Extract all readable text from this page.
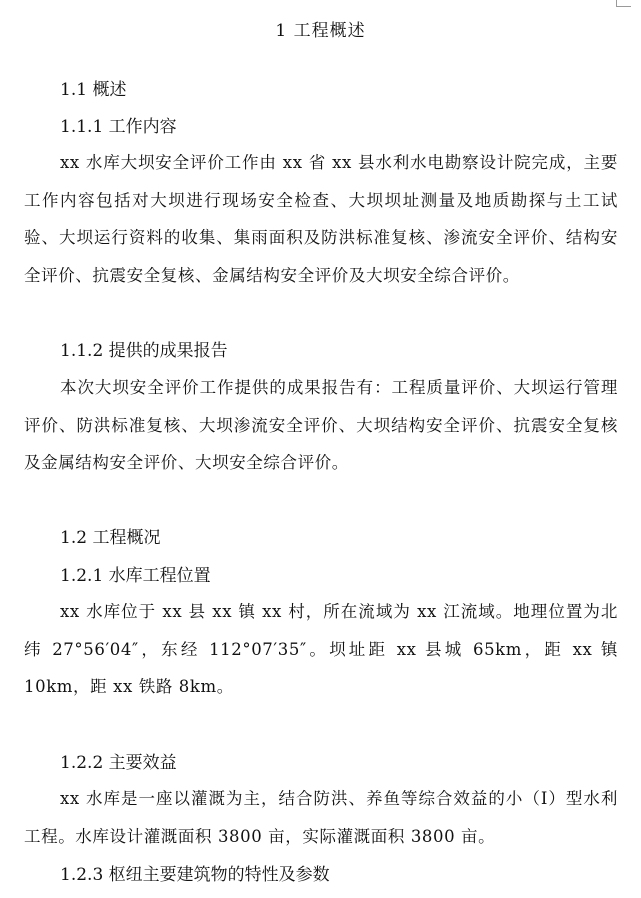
1 工程概述
1.1 概述
1.1.1 工作内容
xx 水库大坝安全评价工作由 xx 省 xx 县水利水电勘察设计院完成，主要工作内容包括对大坝进行现场安全检查、大坝坝址测量及地质勘探与土工试验、大坝运行资料的收集、集雨面积及防洪标准复核、渗流安全评价、结构安全评价、抗震安全复核、金属结构安全评价及大坝安全综合评价。
1.1.2 提供的成果报告
本次大坝安全评价工作提供的成果报告有：工程质量评价、大坝运行管理评价、防洪标准复核、大坝渗流安全评价、大坝结构安全评价、抗震安全复核及金属结构安全评价、大坝安全综合评价。
1.2 工程概况
1.2.1 水库工程位置
xx 水库位于 xx 县 xx 镇 xx 村，所在流域为 xx 江流域。地理位置为北纬 27°56′04″，东经 112°07′35″。坝址距 xx 县城 65km，距 xx 镇 10km，距 xx 铁路 8km。
1.2.2 主要效益
xx 水库是一座以灌溉为主，结合防洪、养鱼等综合效益的小（Ⅰ）型水利工程。水库设计灌溉面积 3800 亩，实际灌溉面积 3800 亩。
1.2.3 枢纽主要建筑物的特性及参数
